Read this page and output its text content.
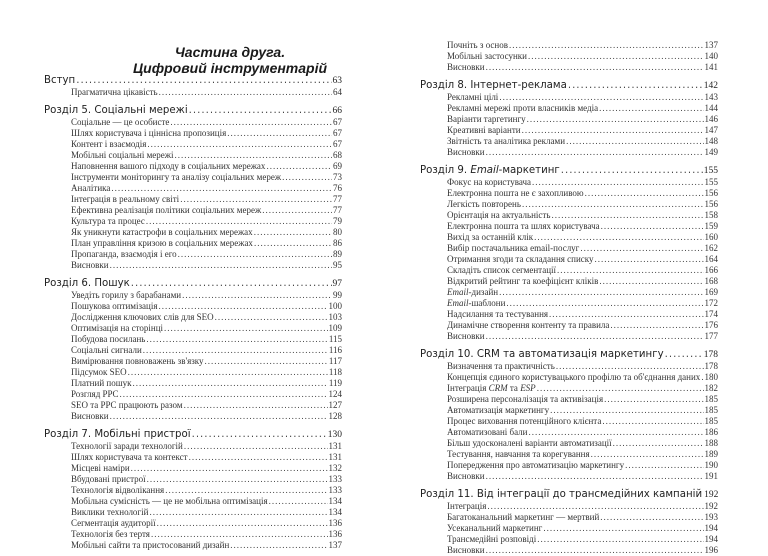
Частина друга.
Цифровий інструментарій
Вступ .....	63
Прагматична цікавість .....	64
Розділ 5. Соціальні мережі .....	66
Соціальне — це особисте .....	67
Шлях користувача і ціннісна пропозиція .....	67
Контент і взаємодія .....	67
Мобільні соціальні мережі .....	68
Наповнення вашого підходу в соціальних мережах .....	69
Інструменти моніторингу та аналізу соціальних мереж .....	73
Аналітика .....	76
Інтеграція в реальному світі .....	77
Ефективна реалізація політики соціальних мереж .....	77
Культура та процес .....	79
Як уникнути катастрофи в соціальних мережах .....	80
План управління кризою в соціальних мережах .....	86
Пропаганда, взаємодія і его .....	89
Висновки .....	95
Розділ 6. Пошук .....	97
Уведіть горилу з барабанами .....	99
Пошукова оптимізація .....	100
Дослідження ключових слів для SEO .....	103
Оптимізація на сторінці .....	109
Побудова посилань .....	115
Соціальні сигнали .....	116
Вимірювання повноважень зв'язку .....	117
Підсумок SEO .....	118
Платний пошук .....	119
Розгляд PPC .....	124
SEO та PPC працюють разом .....	127
Висновки .....	128
Розділ 7. Мобільні пристрої .....	130
Технології заради технологій .....	131
Шлях користувача та контекст .....	131
Місцеві наміри .....	132
Вбудовані пристрої .....	133
Технологія відволікання .....	133
Мобільна сумісність — це не мобільна оптимізація .....	134
Виклики технологій .....	134
Сегментація аудиторії .....	136
Технологія без тертя .....	136
Мобільні сайти та пристосований дизайн .....	137
Почніть з основ .....	137
Мобільні застосунки .....	140
Висновки .....	141
Розділ 8. Інтернет-реклама .....	142
Рекламні цілі .....	143
Рекламні мережі проти власників медіа .....	144
Варіанти таргетингу .....	146
Креативні варіанти .....	147
Звітність та аналітика реклами .....	148
Висновки .....	149
Розділ 9. Email-маркетинг .....	155
Фокус на користувача .....	155
Електронна пошта не є захопливою .....	156
Легкість повторень .....	156
Орієнтація на актуальність .....	158
Електронна пошта та шлях користувача .....	159
Вихід за останній клік .....	160
Вибір постачальника email-послуг .....	162
Отримання згоди та складання списку .....	164
Складіть список сегментації .....	166
Відкритий рейтинг та коефіцієнт кліків .....	168
Email-дизайн .....	169
Email-шаблони .....	172
Надсилання та тестування .....	174
Динамічне створення контенту та правила .....	176
Висновки .....	177
Розділ 10. CRM та автоматизація маркетингу .....	178
Визначення та практичність .....	178
Концепція єдиного користувацького профілю та об'єднання даних ..... 180
Інтеграція CRM та ESP .....	182
Розширена персоналізація та активізація .....	185
Автоматизація маркетингу .....	185
Процес виховання потенційного клієнта .....	185
Автоматизовані бали .....	186
Більш удосконалені варіанти автоматизації .....	188
Тестування, навчання та корегування .....	189
Попередження про автоматизацію маркетингу .....	190
Висновки .....	191
Розділ 11. Від інтеграції до трансмедійних кампаній 192
Інтеграція .....	192
Багатоканальний маркетинг — мертвий .....	193
Усеканальний маркетинг .....	194
Трансмедійні розповіді .....	194
Висновки .....	196
